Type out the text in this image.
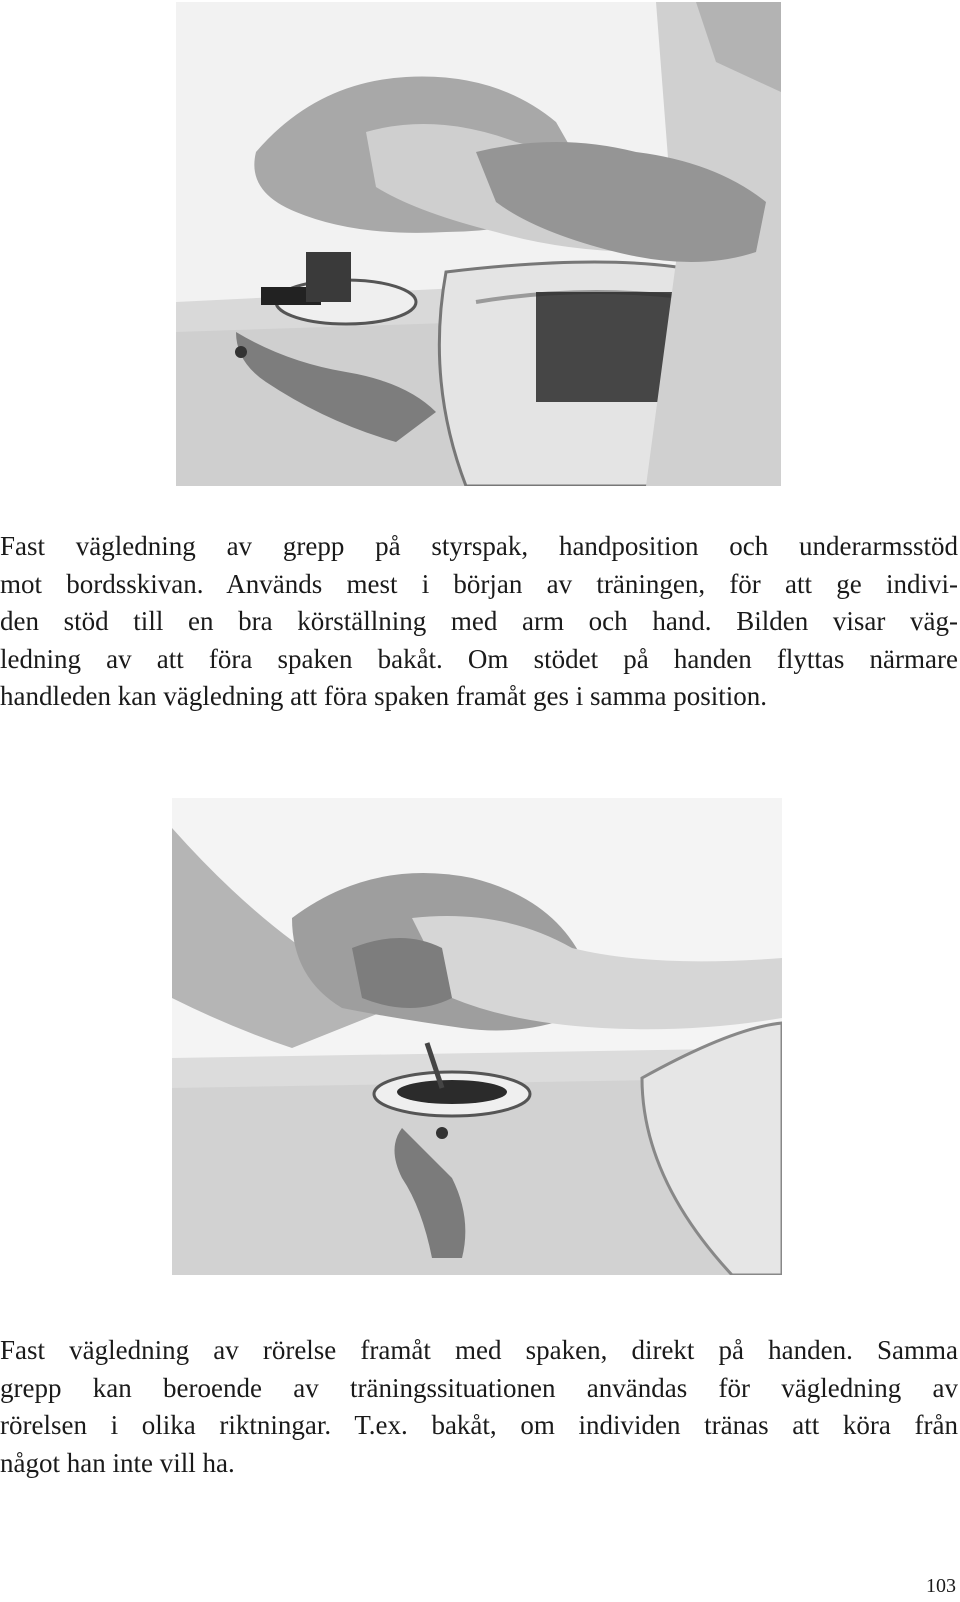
Fast vägledning av grepp på styrspak, handposition och underarmsstöd
mot bordsskivan. Används mest i början av träningen, för att ge indivi-
den stöd till en bra körställning med arm och hand. Bilden visar väg-
ledning av att föra spaken bakåt. Om stödet på handen flyttas närmare
handleden kan vägledning att föra spaken framåt ges i samma position.

Fast vägledning av rörelse framåt med spaken, direkt på handen. Samma
grepp kan beroende av träningssituationen användas för vägledning av
rörelsen i olika riktningar. T.ex. bakåt, om individen tränas att köra från
något han inte vill ha.

103
